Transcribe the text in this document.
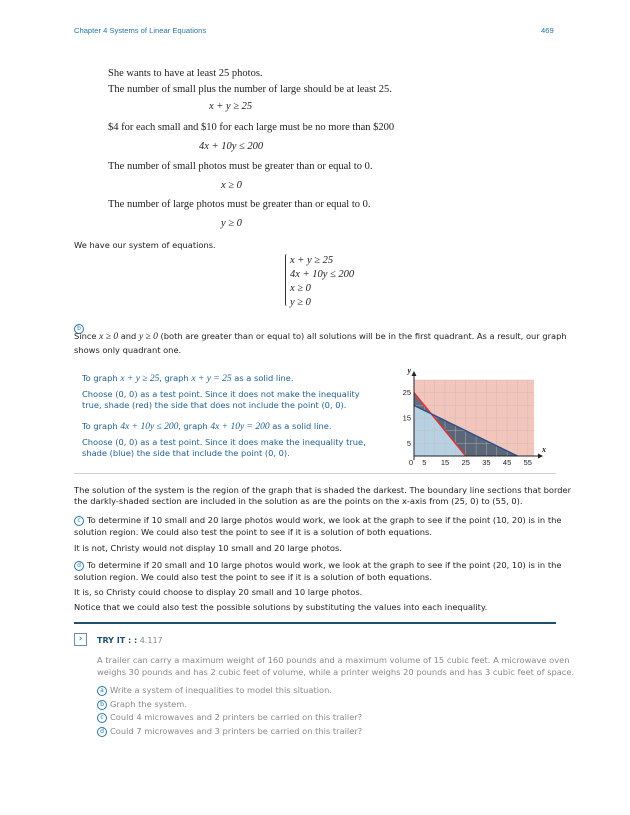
Chapter 4 Systems of Linear Equations	469
She wants to have at least 25 photos.
The number of small plus the number of large should be at least 25.
x + y ≥ 25
$4 for each small and $10 for each large must be no more than $200
4x + 10y ≤ 200
The number of small photos must be greater than or equal to 0.
x ≥ 0
The number of large photos must be greater than or equal to 0.
y ≥ 0
We have our system of equations.
x + y ≥ 25
4x + 10y ≤ 200
x ≥ 0
y ≥ 0
b
Since x ≥ 0 and y ≥ 0 (both are greater than or equal to) all solutions will be in the first quadrant. As a result, our graph
shows only quadrant one.
To graph x + y ≥ 25, graph x + y = 25 as a solid line.
Choose (0, 0) as a test point. Since it does not make the inequality
true, shade (red) the side that does not include the point (0, 0).
To graph 4x + 10y ≤ 200, graph 4x + 10y = 200 as a solid line.
Choose (0, 0) as a test point. Since it does make the inequality true,
shade (blue) the side that include the point (0, 0).
0 5 15 25 35 45 55
5
15
25
x
y
The solution of the system is the region of the graph that is shaded the darkest. The boundary line sections that border
the darkly-shaded section are included in the solution as are the points on the x-axis from (25, 0) to (55, 0).
c To determine if 10 small and 20 large photos would work, we look at the graph to see if the point (10, 20) is in the
solution region. We could also test the point to see if it is a solution of both equations.
It is not, Christy would not display 10 small and 20 large photos.
d To determine if 20 small and 10 large photos would work, we look at the graph to see if the point (20, 10) is in the
solution region. We could also test the point to see if it is a solution of both equations.
It is, so Christy could choose to display 20 small and 10 large photos.
Notice that we could also test the possible solutions by substituting the values into each inequality.
›	TRY IT : : 4.117
A trailer can carry a maximum weight of 160 pounds and a maximum volume of 15 cubic feet. A microwave oven
weighs 30 pounds and has 2 cubic feet of volume, while a printer weighs 20 pounds and has 3 cubic feet of space.
a Write a system of inequalities to model this situation.
b Graph the system.
c Could 4 microwaves and 2 printers be carried on this trailer?
d Could 7 microwaves and 3 printers be carried on this trailer?
